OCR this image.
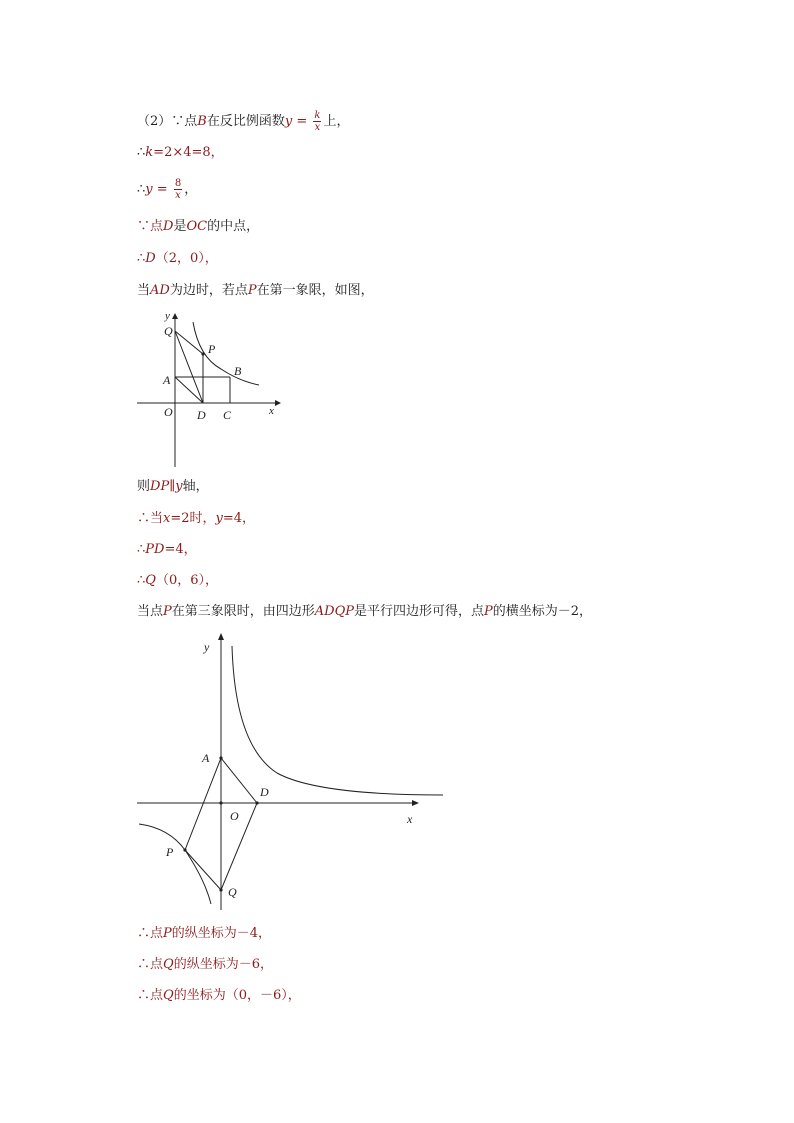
（2）∵点B在反比例函数$y = \frac{k}{x}$ 上，
∴k=2×4=8，
∴y = $\frac{8}{x}$ ，
∵点D是OC的中点，
∴D（2，0），
当AD为边时，若点P在第一象限，如图，
y
x
Q
P
A
B
O D C
则DP∥y轴，
∴当x=2时，y=4，
∴PD=4，
∴Q（0，6），
当点P在第三象限时，由四边形ADQP是平行四边形可得，点P的横坐标为－2，
y
x
A
D
O
P
Q
∴点P的纵坐标为－4，
∴点Q的纵坐标为－6，
∴点Q的坐标为（0，－6），
